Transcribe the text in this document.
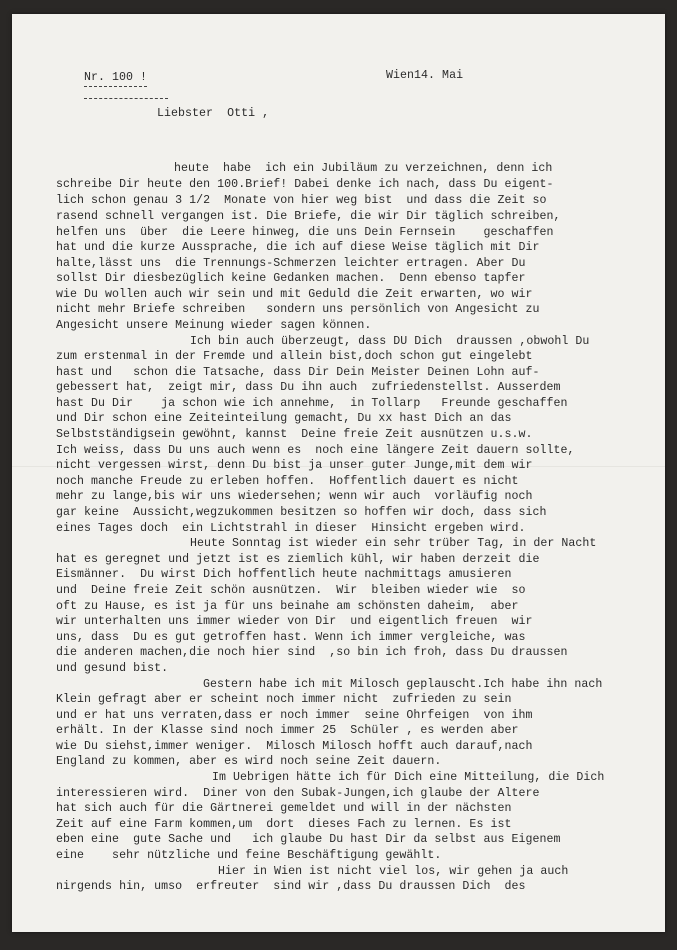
Nr. 100 !	Wien14. Mai
Liebster  Otti ,
heute  habe  ich ein Jubiläum zu verzeichnen, denn ich
schreibe Dir heute den 100.Brief! Dabei denke ich nach, dass Du eigent-
lich schon genau 3 1/2  Monate von hier weg bist  und dass die Zeit so
rasend schnell vergangen ist. Die Briefe, die wir Dir täglich schreiben,
helfen uns  über  die Leere hinweg, die uns Dein Fernsein    geschaffen
hat und die kurze Aussprache, die ich auf diese Weise täglich mit Dir
halte,lässt uns  die Trennungs-Schmerzen leichter ertragen. Aber Du
sollst Dir diesbezüglich keine Gedanken machen.  Denn ebenso tapfer
wie Du wollen auch wir sein und mit Geduld die Zeit erwarten, wo wir
nicht mehr Briefe schreiben   sondern uns persönlich von Angesicht zu
Angesicht unsere Meinung wieder sagen können.
Ich bin auch überzeugt, dass DU Dich  draussen ,obwohl Du
zum erstenmal in der Fremde und allein bist,doch schon gut eingelebt
hast und   schon die Tatsache, dass Dir Dein Meister Deinen Lohn auf-
gebessert hat,  zeigt mir, dass Du ihn auch  zufriedenstellst. Ausserdem
hast Du Dir    ja schon wie ich annehme,  in Tollarp   Freunde geschaffen
und Dir schon eine Zeiteinteilung gemacht, Du xx hast Dich an das
Selbstständigsein gewöhnt, kannst  Deine freie Zeit ausnützen u.s.w.
Ich weiss, dass Du uns auch wenn es  noch eine längere Zeit dauern sollte,
nicht vergessen wirst, denn Du bist ja unser guter Junge,mit dem wir
noch manche Freude zu erleben hoffen.  Hoffentlich dauert es nicht
mehr zu lange,bis wir uns wiedersehen; wenn wir auch  vorläufig noch
gar keine  Aussicht,wegzukommen besitzen so hoffen wir doch, dass sich
eines Tages doch  ein Lichtstrahl in dieser  Hinsicht ergeben wird.
Heute Sonntag ist wieder ein sehr trüber Tag, in der Nacht
hat es geregnet und jetzt ist es ziemlich kühl, wir haben derzeit die
Eismänner.  Du wirst Dich hoffentlich heute nachmittags amusieren
und  Deine freie Zeit schön ausnützen.  Wir  bleiben wieder wie  so
oft zu Hause, es ist ja für uns beinahe am schönsten daheim,  aber
wir unterhalten uns immer wieder von Dir  und eigentlich freuen  wir
uns, dass  Du es gut getroffen hast. Wenn ich immer vergleiche, was
die anderen machen,die noch hier sind  ,so bin ich froh, dass Du draussen
und gesund bist.
Gestern habe ich mit Milosch geplauscht.Ich habe ihn nach
Klein gefragt aber er scheint noch immer nicht  zufrieden zu sein
und er hat uns verraten,dass er noch immer  seine Ohrfeigen  von ihm
erhält. In der Klasse sind noch immer 25  Schüler , es werden aber
wie Du siehst,immer weniger.  Milosch Milosch hofft auch darauf,nach
England zu kommen, aber es wird noch seine Zeit dauern.
Im Uebrigen hätte ich für Dich eine Mitteilung, die Dich
interessieren wird.  Diner von den Subak-Jungen,ich glaube der Altere
hat sich auch für die Gärtnerei gemeldet und will in der nächsten
Zeit auf eine Farm kommen,um  dort  dieses Fach zu lernen. Es ist
eben eine  gute Sache und   ich glaube Du hast Dir da selbst aus Eigenem
eine    sehr nützliche und feine Beschäftigung gewählt.
Hier in Wien ist nicht viel los, wir gehen ja auch
nirgends hin, umso  erfreuter  sind wir ,dass Du draussen Dich  des
